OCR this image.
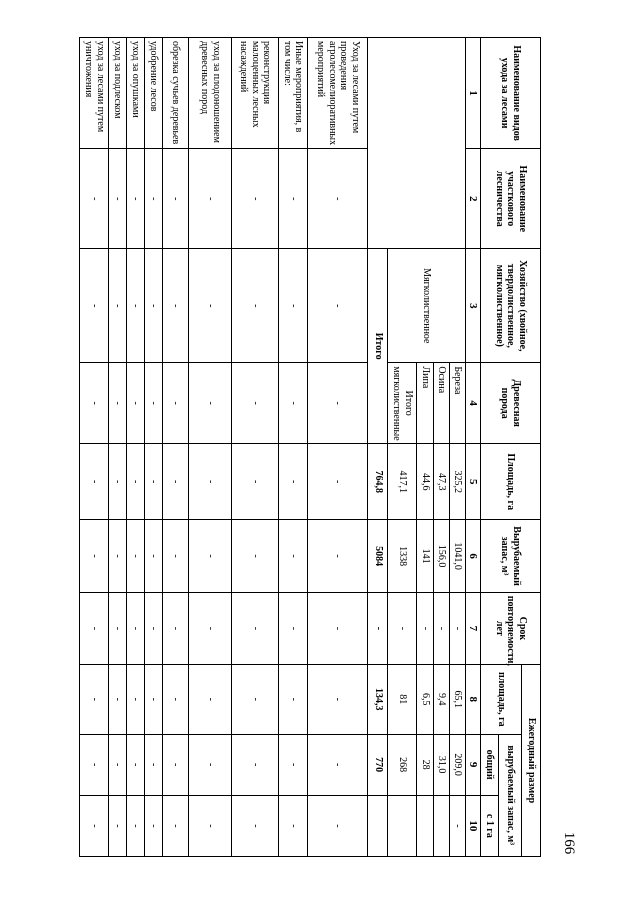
Наименование видов ухода за лесами	Наименование участкового лесничества	Хозяйство (хвойное, твердолиственное, мягколиственное)	Древесная порода	Площадь, га	Вырубаемый запас, м³	Срок повторяемости, лет	Ежегодный размер		
							площадь, га	вырубаемый запас, м³	
								общий	с 1 га
1	2	3	4	5	6	7	8	9	10
		Мягколиственное	Береза	325,2	1041,0	-	65,1	209,0	-
			Осина	47,3	156,0	-	9,4	31,0	
			Липа	44,6	141	-	6,5	28	
			Итого мягколиственные	417,1	1338	-	81	268	
		Итого		764,8	5084	-	134,3	770	
Уход за лесами путем проведения агролесомелиоративных мероприятий	-	-	-	-	-	-	-	-	-
Иные мероприятия, в том числе:	-	-	-	-	-	-	-	-	-
реконструкция малоценных лесных насаждений	-	-	-	-	-	-	-	-	-
уход за плодоношением древесных пород	-	-	-	-	-	-	-	-	-
обрезка сучьев деревьев	-	-	-	-	-	-	-	-	-
удобрение лесов	-	-	-	-	-	-	-	-	-
уход за опушками	-	-	-	-	-	-	-	-	-
уход за подлеском	-	-	-	-	-	-	-	-	-
уход за лесами путем уничтожения	-	-	-	-	-	-	-	-	-
166
